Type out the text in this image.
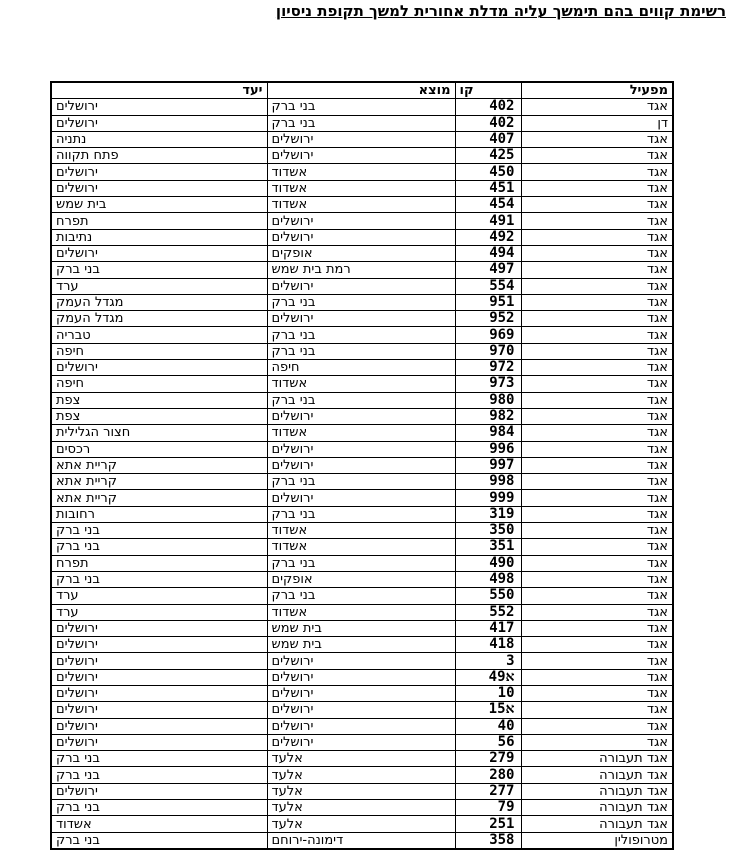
רשימת קווים בהם תימשך עליה מדלת אחורית למשך תקופת ניסיון
מפעיל	קו	מוצא	יעד
אגד	402	בני ברק	ירושלים
דן	402	בני ברק	ירושלים
אגד	407	ירושלים	נתניה
אגד	425	ירושלים	פתח תקווה
אגד	450	אשדוד	ירושלים
אגד	451	אשדוד	ירושלים
אגד	454	אשדוד	בית שמש
אגד	491	ירושלים	תפרח
אגד	492	ירושלים	נתיבות
אגד	494	אופקים	ירושלים
אגד	497	רמת בית שמש	בני ברק
אגד	554	ירושלים	ערד
אגד	951	בני ברק	מגדל העמק
אגד	952	ירושלים	מגדל העמק
אגד	969	בני ברק	טבריה
אגד	970	בני ברק	חיפה
אגד	972	חיפה	ירושלים
אגד	973	אשדוד	חיפה
אגד	980	בני ברק	צפת
אגד	982	ירושלים	צפת
אגד	984	אשדוד	חצור הגלילית
אגד	996	ירושלים	רכסים
אגד	997	ירושלים	קריית אתא
אגד	998	בני ברק	קריית אתא
אגד	999	ירושלים	קריית אתא
אגד	319	בני ברק	רחובות
אגד	350	אשדוד	בני ברק
אגד	351	אשדוד	בני ברק
אגד	490	בני ברק	תפרח
אגד	498	אופקים	בני ברק
אגד	550	בני ברק	ערד
אגד	552	אשדוד	ערד
אגד	417	בית שמש	ירושלים
אגד	418	בית שמש	ירושלים
אגד	3	ירושלים	ירושלים
אגד	49א	ירושלים	ירושלים
אגד	10	ירושלים	ירושלים
אגד	15א	ירושלים	ירושלים
אגד	40	ירושלים	ירושלים
אגד	56	ירושלים	ירושלים
אגד תעבורה	279	אלעד	בני ברק
אגד תעבורה	280	אלעד	בני ברק
אגד תעבורה	277	אלעד	ירושלים
אגד תעבורה	79	אלעד	בני ברק
אגד תעבורה	251	אלעד	אשדוד
מטרופולין	358	דימונה-ירוחם	בני ברק
